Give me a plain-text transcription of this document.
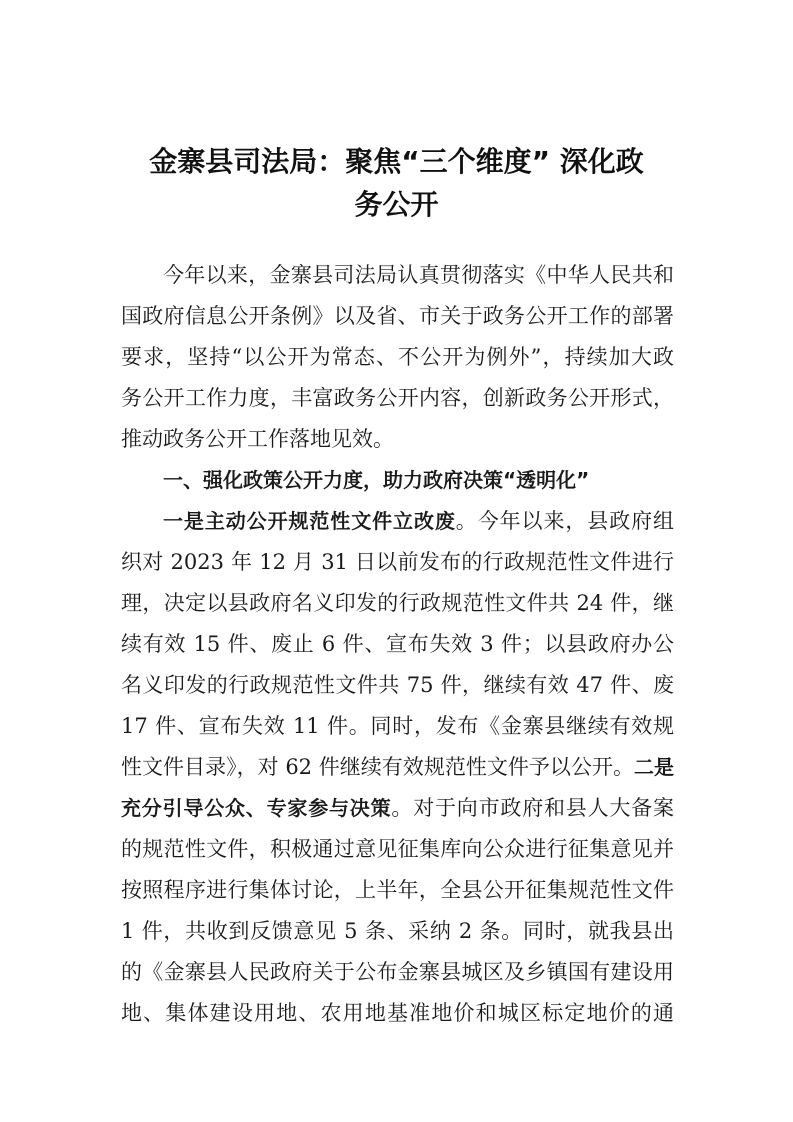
金寨县司法局：聚焦“三个维度” 深化政
务公开
今年以来，金寨县司法局认真贯彻落实《中华人民共和
国政府信息公开条例》以及省、市关于政务公开工作的部署
要求，坚持“以公开为常态、不公开为例外”，持续加大政
务公开工作力度，丰富政务公开内容，创新政务公开形式，
推动政务公开工作落地见效。
一、强化政策公开力度，助力政府决策“透明化”
一是主动公开规范性文件立改废。今年以来，县政府组
织对 2023 年 12 月 31 日以前发布的行政规范性文件进行
理，决定以县政府名义印发的行政规范性文件共 24 件，继
续有效 15 件、废止 6 件、宣布失效 3 件；以县政府办公
名义印发的行政规范性文件共 75 件，继续有效 47 件、废
17 件、宣布失效 11 件。同时，发布《金寨县继续有效规
性文件目录》，对 62 件继续有效规范性文件予以公开。二是
充分引导公众、专家参与决策。对于向市政府和县人大备案
的规范性文件，积极通过意见征集库向公众进行征集意见并
按照程序进行集体讨论，上半年，全县公开征集规范性文件
1 件，共收到反馈意见 5 条、采纳 2 条。同时，就我县出
的《金寨县人民政府关于公布金寨县城区及乡镇国有建设用
地、集体建设用地、农用地基准地价和城区标定地价的通
